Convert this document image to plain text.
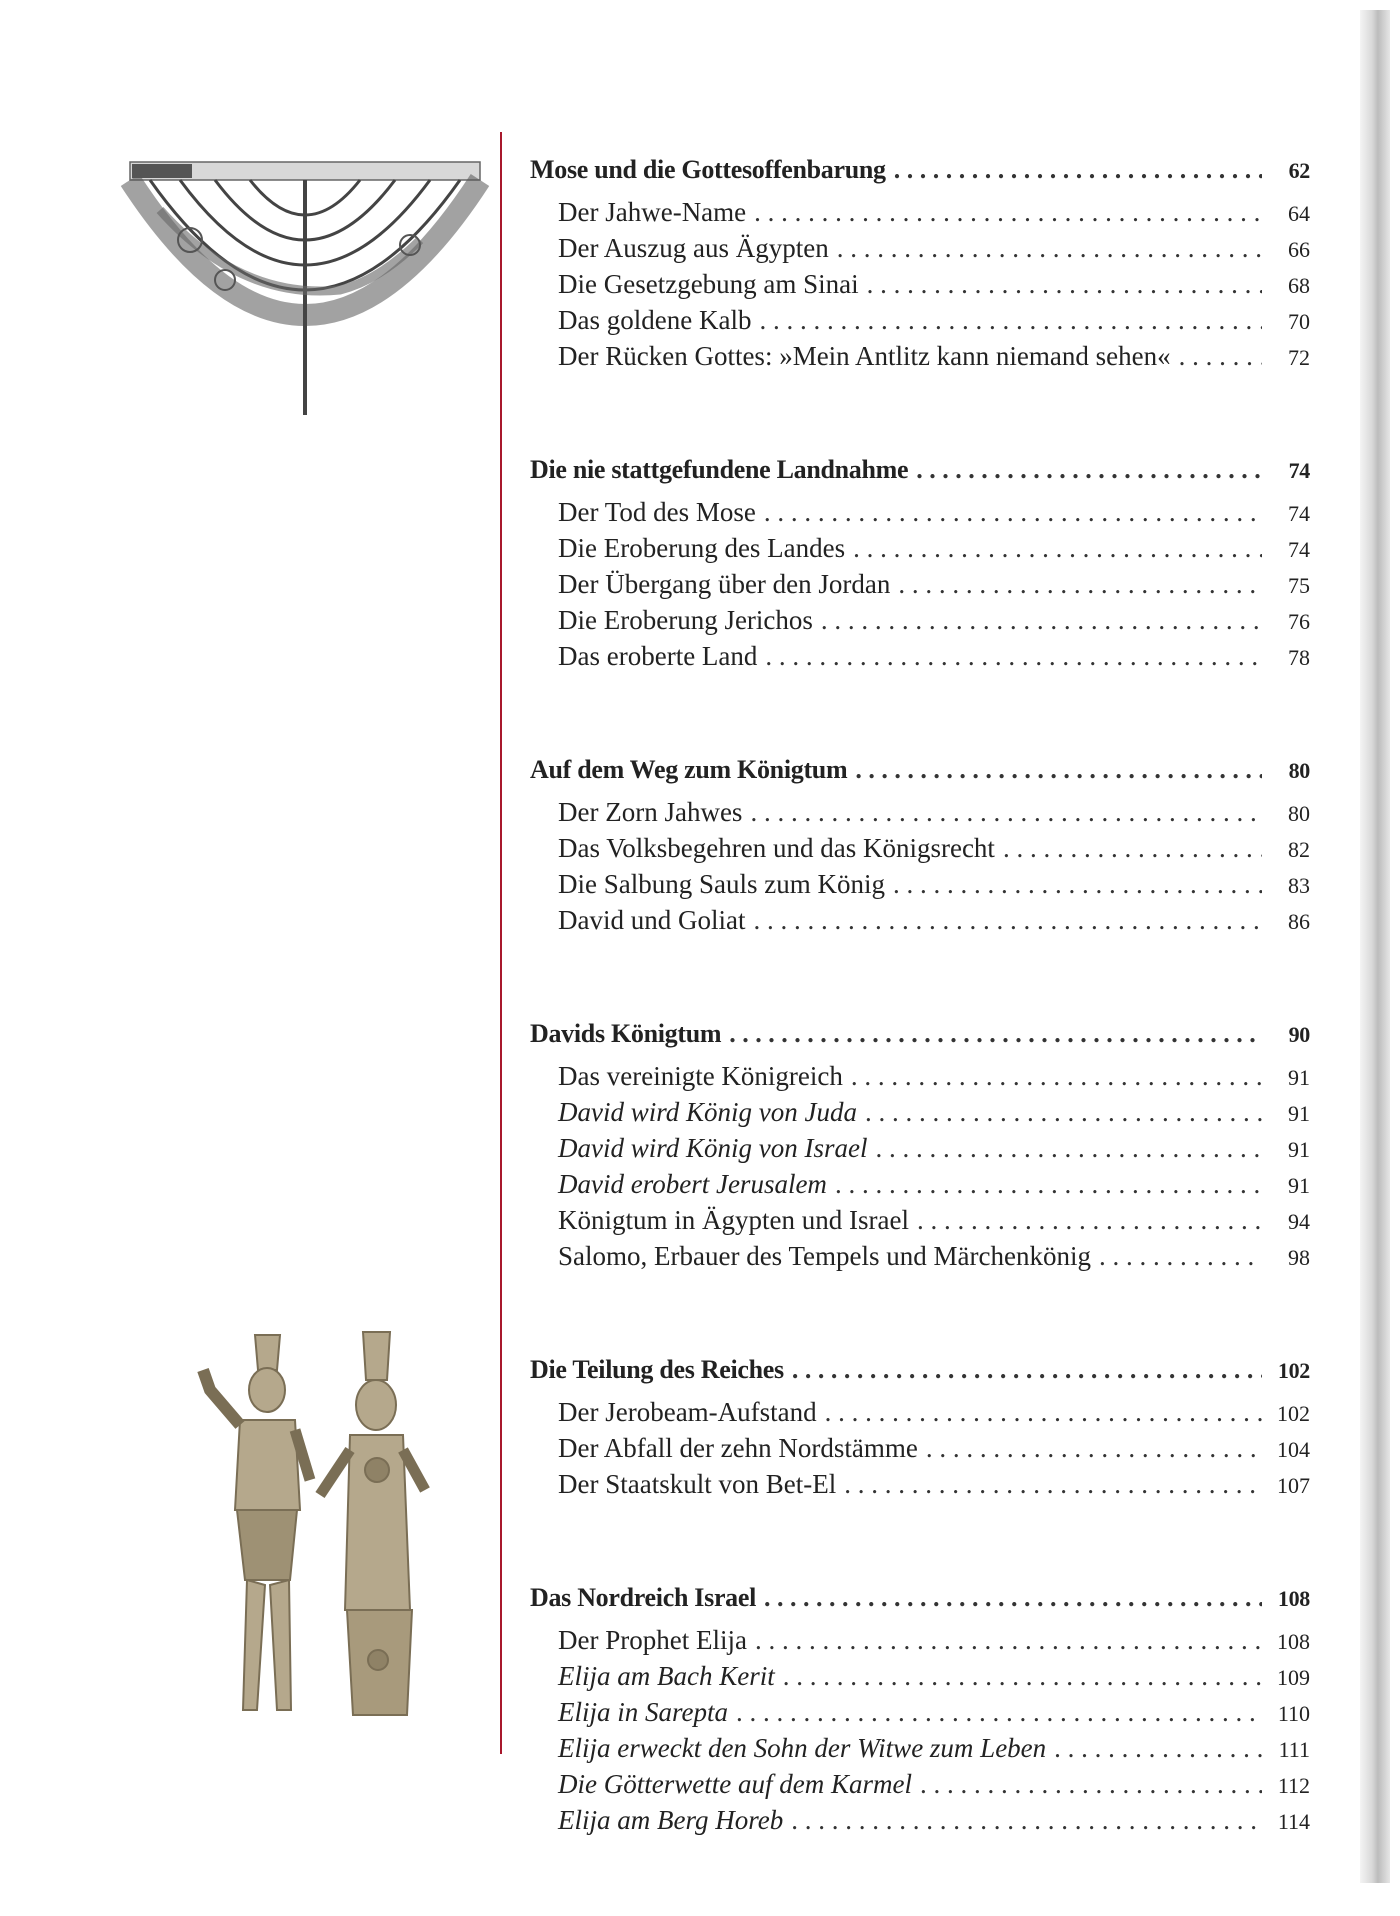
Mose und die Gottesoffenbarung . . .	62
Der Jahwe-Name . . .	64
Der Auszug aus Ägypten . . .	66
Die Gesetzgebung am Sinai . . .	68
Das goldene Kalb . . .	70
Der Rücken Gottes: »Mein Antlitz kann niemand sehen« . . .	72
Die nie stattgefundene Landnahme . . .	74
Der Tod des Mose . . .	74
Die Eroberung des Landes . . .	74
Der Übergang über den Jordan . . .	75
Die Eroberung Jerichos . . .	76
Das eroberte Land . . .	78
Auf dem Weg zum Königtum . . .	80
Der Zorn Jahwes . . .	80
Das Volksbegehren und das Königsrecht . . .	82
Die Salbung Sauls zum König . . .	83
David und Goliat . . .	86
Davids Königtum . . .	90
Das vereinigte Königreich . . .	91
David wird König von Juda . . .	91
David wird König von Israel . . .	91
David erobert Jerusalem . . .	91
Königtum in Ägypten und Israel . . .	94
Salomo, Erbauer des Tempels und Märchenkönig . . .	98
Die Teilung des Reiches . . .	102
Der Jerobeam-Aufstand . . .	102
Der Abfall der zehn Nordstämme . . .	104
Der Staatskult von Bet-El . . .	107
Das Nordreich Israel . . .	108
Der Prophet Elija . . .	108
Elija am Bach Kerit . . .	109
Elija in Sarepta . . .	110
Elija erweckt den Sohn der Witwe zum Leben . . .	111
Die Götterwette auf dem Karmel . . .	112
Elija am Berg Horeb . . .	114
